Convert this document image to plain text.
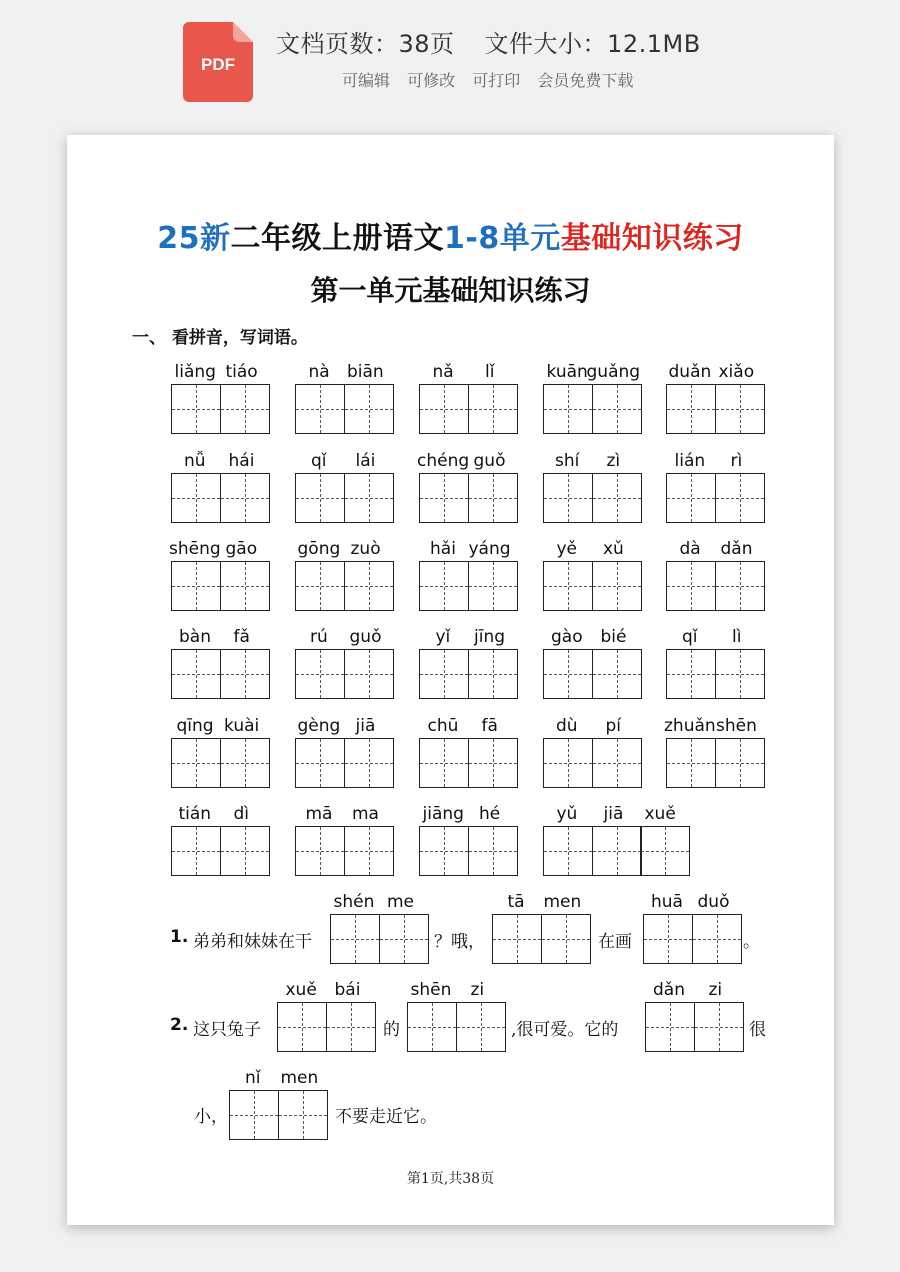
PDF
文档页数：38页 文件大小：12.1MB
可编辑 可修改 可打印 会员免费下载
25新二年级上册语文1-8单元基础知识练习
第一单元基础知识练习
一、 看拼音，写词语。
1. 弟弟和妹妹在干	？哦，	在画	。
2. 这只兔子	的	,很可爱。它的	很
小，	不要走近它。
第1页,共38页
liǎng tiáo	nà biān	nǎ lǐ	kuān
guǎng duǎn xiǎo
nǚ hái	qǐ lái chéng guǒ	shí zì	lián rì
shēng gāo gōng zuò	hǎi yáng	yě xǔ	dà dǎn
bàn fǎ	rú guǒ	yǐ jīng	gào bié	qǐ lì
qīng kuài gèng jiā	chū fā	dù pí	zhuǎn shēn
tián dì	mā ma	jiāng hé	yǔ jiā xuě
shén me	tā men	huā duǒ
xuě bái	shēn zi	dǎn zi
nǐ men
